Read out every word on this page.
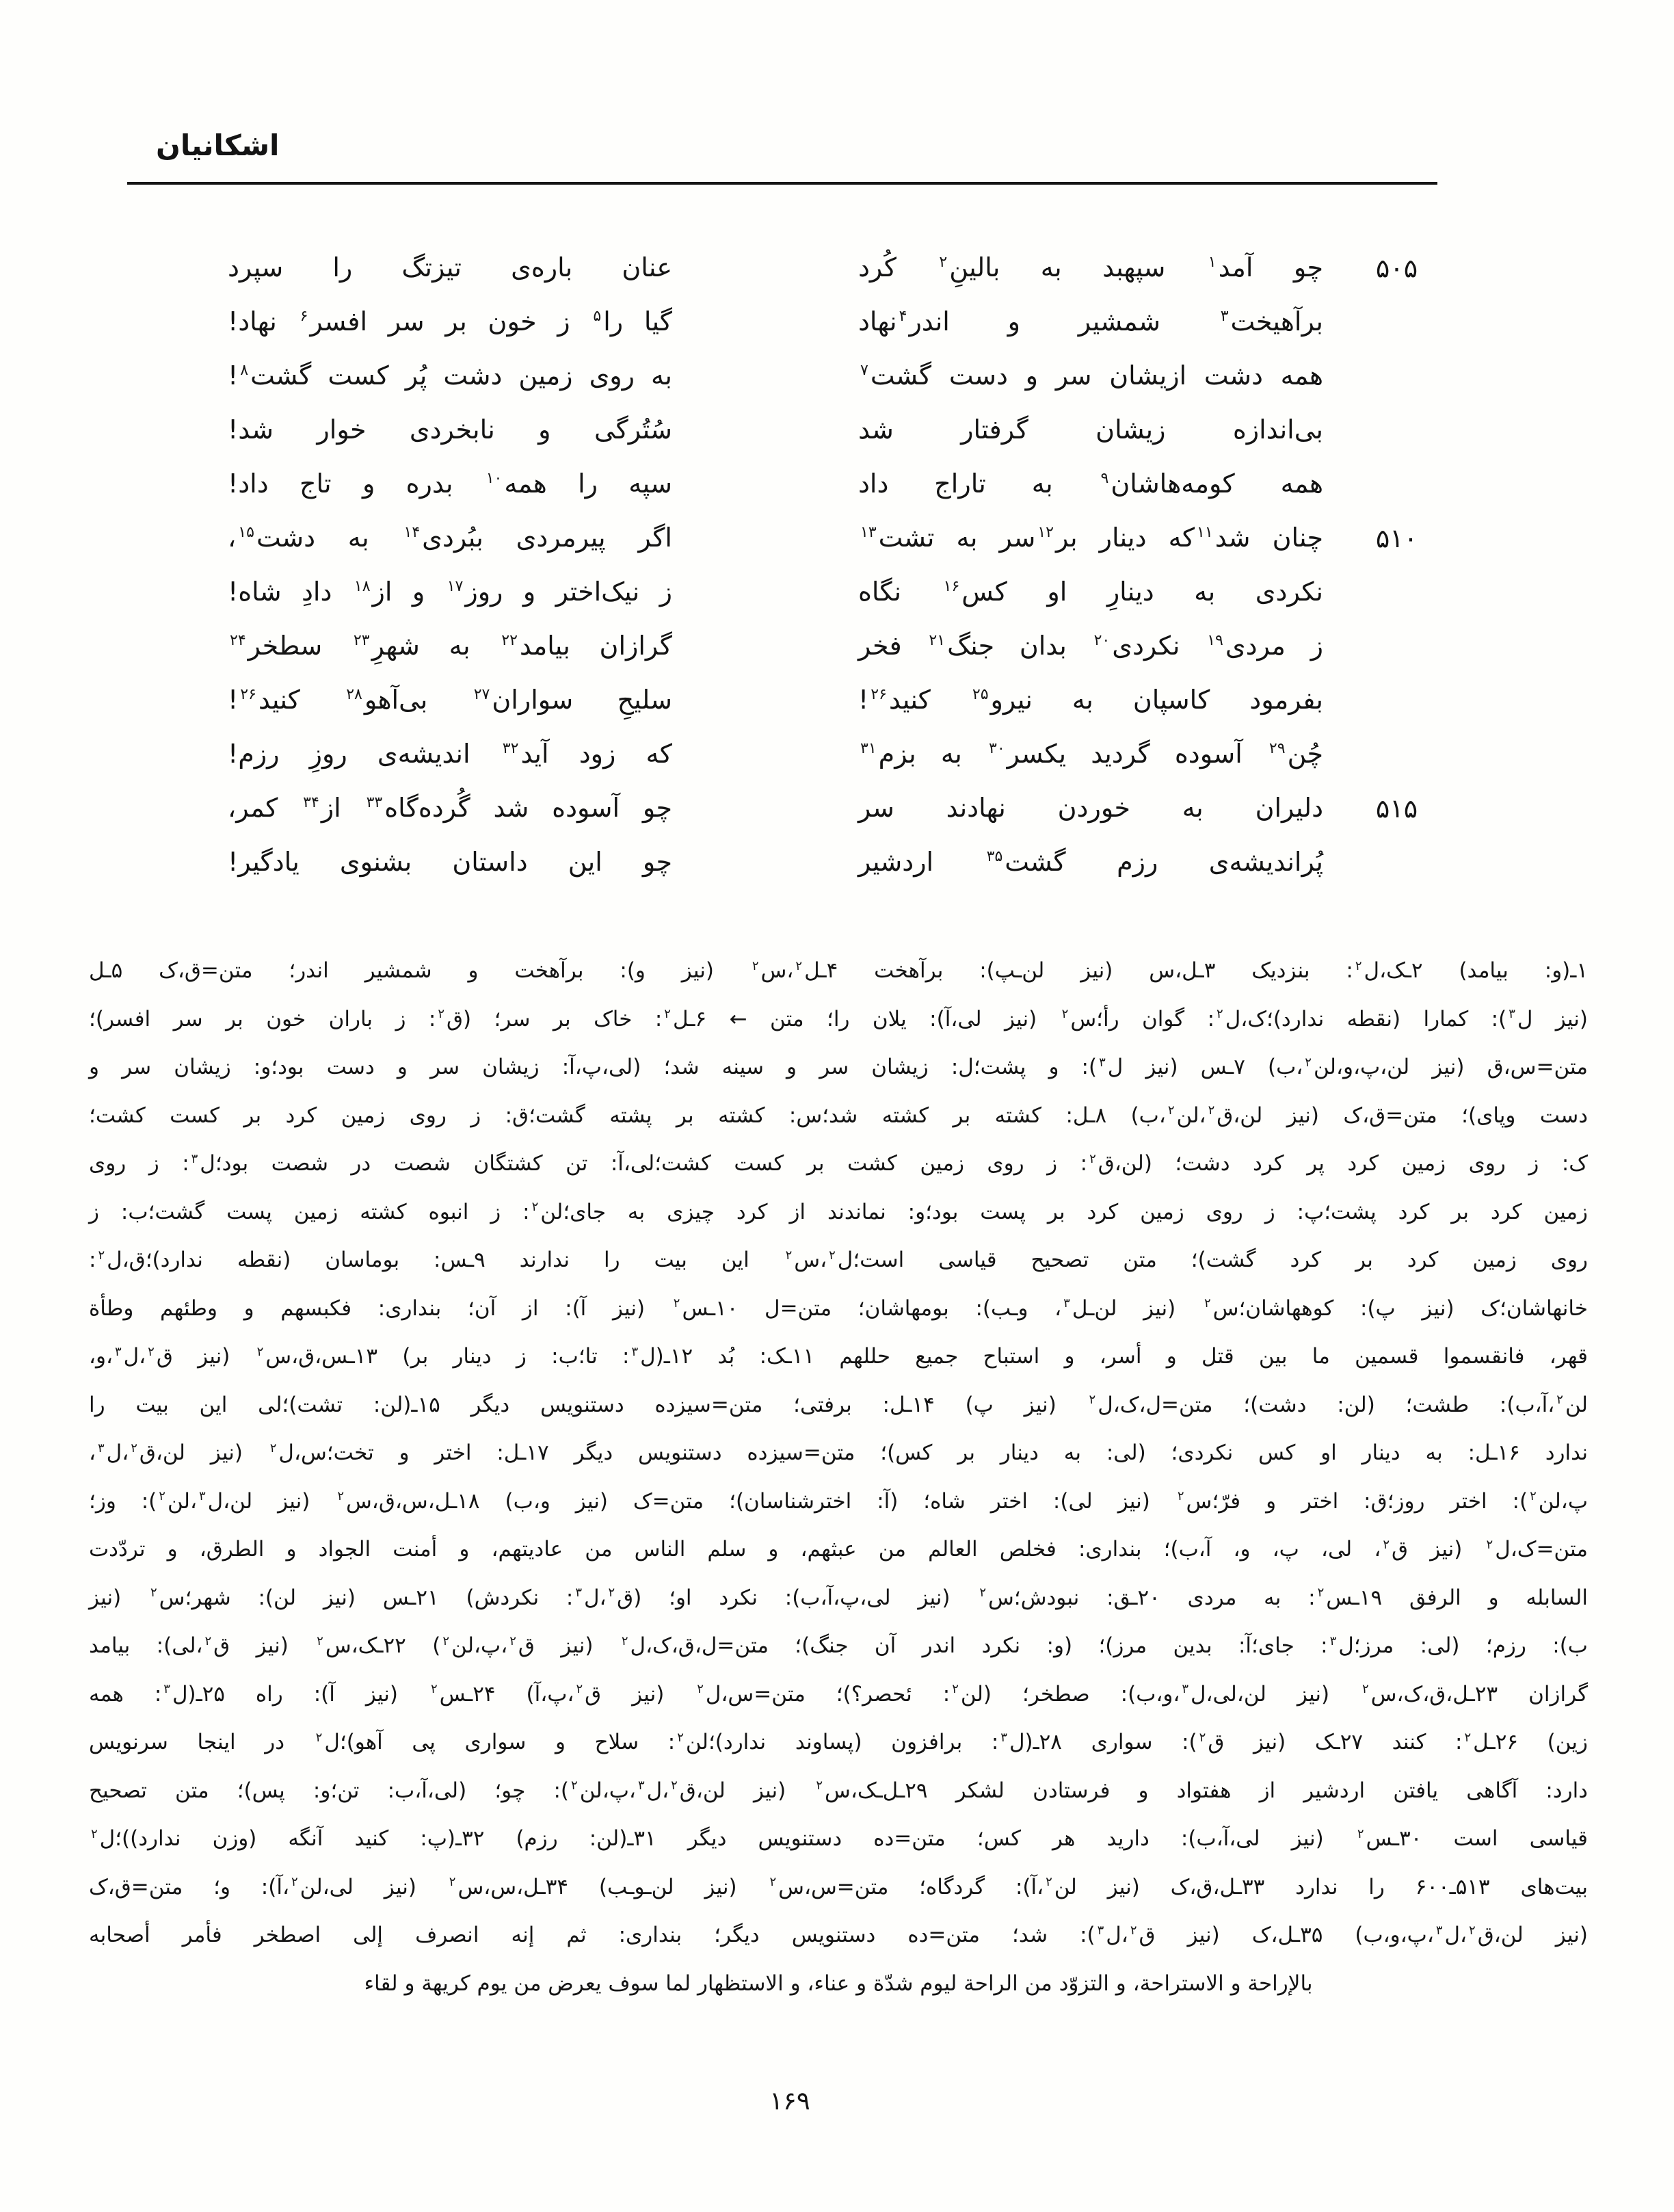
اشکانیان
عنان باره‌ی تیزتگ را سپرد	چو آمد$^۱$ سپهبد به بالینِ$^۲$ کُرد	۵۰۵
گیا را$^۵$ ز خون بر سر افسر$^۶$ نهاد!	برآهیخت$^۳$ شمشیر و اندر$^۴$نهاد
به روی زمین دشت پُر کست گشت$^۸$!	همه دشت ازیشان سر و دست گشت$^۷$
سُتُرگی و نابخردی خوار شد!	بی‌اندازه زیشان گرفتار شد
سپه را همه$^{۱۰}$ بدره و تاج داد!	همه کومه‌هاشان$^۹$ به تاراج داد
اگر پیرمردی ببُردی$^{۱۴}$ به دشت$^{۱۵}$،	چنان شد$^{۱۱}$که دینار بر$^{۱۲}$سر به تشت$^{۱۳}$	۵۱۰
ز نیک‌اختر و روز$^{۱۷}$ و از$^{۱۸}$ دادِ شاه!	نکردی به دینارِ او کس$^{۱۶}$ نگاه
گرازان بیامد$^{۲۲}$ به شهرِ$^{۲۳}$ سطخر$^{۲۴}$	ز مردی$^{۱۹}$ نکردی$^{۲۰}$ بدان جنگ$^{۲۱}$ فخر
سلیحِ سواران$^{۲۷}$ بی‌آهو$^{۲۸}$ کنید$^{۲۶}$!	بفرمود کاسپان به نیرو$^{۲۵}$ کنید$^{۲۶}$!
که زود آید$^{۳۲}$ اندیشه‌ی روزِ رزم!	چُن$^{۲۹}$ آسوده گردید یکسر$^{۳۰}$ به بزم$^{۳۱}$
چو آسوده شد گُرده‌گاه$^{۳۳}$ از$^{۳۴}$ کمر،	دلیران به خوردن نهادند سر	۵۱۵
چو این داستان بشنوی یادگیر!	پُراندیشه‌ی رزم گشت$^{۳۵}$ اردشیر
۱ـ(و: بیامد) ۲ـک،ل$^۲$: بنزدیک ۳ـل،س (نیز لن‌ـپ): برآهخت ۴ـل$^۲$،س$^۲$ (نیز و): برآهخت و شمشیر اندر؛ متن=ق،ک ۵ـل
(نیز ل$^۳$): کمارا (نقطه ندارد)؛ک،ل$^۲$: گوان رأ؛س$^۲$ (نیز لی،آ): یلان را؛ متن ← ۶ـل$^۲$: خاک بر سر؛ (ق$^۲$: ز باران خون بر سر افسر)؛
متن=س،ق (نیز لن،پ،و،لن$^۲$،ب) ۷ـس (نیز ل$^۳$): و پشت؛ل: زیشان سر و سینه شد؛ (لی،پ،آ: زیشان سر و دست بود؛و: زیشان سر و
دست وپای)؛ متن=ق،ک (نیز لن،ق$^۲$،لن$^۲$،ب) ۸ـل: کشته بر کشته شد؛س: کشته بر پشته گشت؛ق: ز روی زمین کرد بر کست کشت؛
ک: ز روی زمین کرد پر کرد دشت؛ (لن،ق$^۲$: ز روی زمین کشت بر کست کشت؛لی،آ: تن کشتگان شصت در شصت بود؛ل$^۳$: ز روی
زمین کرد بر کرد پشت؛پ: ز روی زمین کرد بر پست بود؛و: نماندند از کرد چیزی به جای؛لن$^۲$: ز انبوه کشته زمین پست گشت؛ب: ز
روی زمین کرد بر کرد گشت)؛ متن تصحیح قیاسی است؛ل$^۲$،س$^۲$ این بیت را ندارند ۹ـس: بوماسان (نقطه ندارد)؛ق،ل$^۲$:
خانهاشان؛ک (نیز پ): کوههاشان؛س$^۲$ (نیز لن‌ـل$^۳$، وـب): بومهاشان؛ متن=ل ۱۰ـس$^۲$ (نیز آ): از آن؛ بنداری: فکبسهم و وطئهم وطأة
قهر، فانقسموا قسمین ما بین قتل و أسر، و استباح جمیع حللهم ۱۱ـک: بُد ۱۲ـ(ل$^۳$: تا؛ب: ز دینار بر) ۱۳ـس،ق،س$^۲$ (نیز ق$^۲$،ل$^۳$،و،
لن$^۲$،آ،ب): طشت؛ (لن: دشت)؛ متن=ل،ک،ل$^۲$ (نیز پ) ۱۴ـل: برفتی؛ متن=سیزده دستنویس دیگر ۱۵ـ(لن: تشت)؛لی این بیت را
ندارد ۱۶ـل: به دینار او کس نکردی؛ (لی: به دینار بر کس)؛ متن=سیزده دستنویس دیگر ۱۷ـل: اختر و تخت؛س،ل$^۲$ (نیز لن،ق$^۲$،ل$^۳$،
پ،لن$^۲$): اختر روز؛ق: اختر و فرّ؛س$^۲$ (نیز لی): اختر شاه؛ (آ: اخترشناسان)؛ متن=ک (نیز و،ب) ۱۸ـل،س،ق،س$^۲$ (نیز لن،ل$^۳$،لن$^۲$): وز؛
متن=ک،ل$^۲$ (نیز ق$^۲$، لی، پ، و، آ،ب)؛ بنداری: فخلص العالم من عبثهم، و سلم الناس من عادیتهم، و أمنت الجواد و الطرق، و تردّدت
السابله و الرفق ۱۹ـس$^۲$: به مردی ۲۰ـق: نبودش؛س$^۲$ (نیز لی،پ،آ،ب): نکرد او؛ (ق$^۲$،ل$^۳$: نکردش) ۲۱ـس (نیز لن): شهر؛س$^۲$ (نیز
ب): رزم؛ (لی: مرز؛ل$^۳$: جای؛آ: بدین مرز)؛ (و: نکرد اندر آن جنگ)؛ متن=ل،ق،ک،ل$^۲$ (نیز ق$^۲$،پ،لن$^۲$) ۲۲ـک،س$^۲$ (نیز ق$^۲$،لی): بیامد
گرازان ۲۳ـل،ق،ک،س$^۲$ (نیز لن،لی،ل$^۳$،و،ب): صطخر؛ (لن$^۲$: ئحصر؟)؛ متن=س،ل$^۲$ (نیز ق$^۲$،پ،آ) ۲۴ـس$^۲$ (نیز آ): راه ۲۵ـ(ل$^۳$: همه
زین) ۲۶ـل$^۲$: کنند ۲۷ـک (نیز ق$^۲$): سواری ۲۸ـ(ل$^۳$: برافزون (پساوند ندارد)؛لن$^۲$: سلاح و سواری پی آهو)؛ل$^۲$ در اینجا سرنویس
دارد: آگاهی یافتن اردشیر از هفتواد و فرستادن لشکر ۲۹ـل‌ـک،س$^۲$ (نیز لن،ق$^۲$،ل$^۳$،پ،لن$^۲$): چو؛ (لی،آ،ب: تن؛و: پس)؛ متن تصحیح
قیاسی است ۳۰ـس$^۲$ (نیز لی،آ،ب): دارید هر کس؛ متن=ده دستنویس دیگر ۳۱ـ(لن: رزم) ۳۲ـ(پ: کنید آنگه (وزن ندارد))؛ل$^۲$
بیت‌های ۵۱۳ـ۶۰۰ را ندارد ۳۳ـل،ق،ک (نیز لن$^۲$،آ): گردگاه؛ متن=س،س$^۲$ (نیز لن‌ـوـب) ۳۴ـل،س،س$^۲$ (نیز لی،لن$^۲$،آ): و؛ متن=ق،ک
(نیز لن،ق$^۲$،ل$^۳$،پ،و،ب) ۳۵ـل،ک (نیز ق$^۲$،ل$^۳$): شد؛ متن=ده دستنویس دیگر؛ بنداری: ثم إنه انصرف إلی اصطخر فأمر أصحابه
بالإراحة و الاستراحة، و التزوّد من الراحة لیوم شدّة و عناء، و الاستظهار لما سوف یعرض من یوم کریهة و لقاء
۱۶۹
